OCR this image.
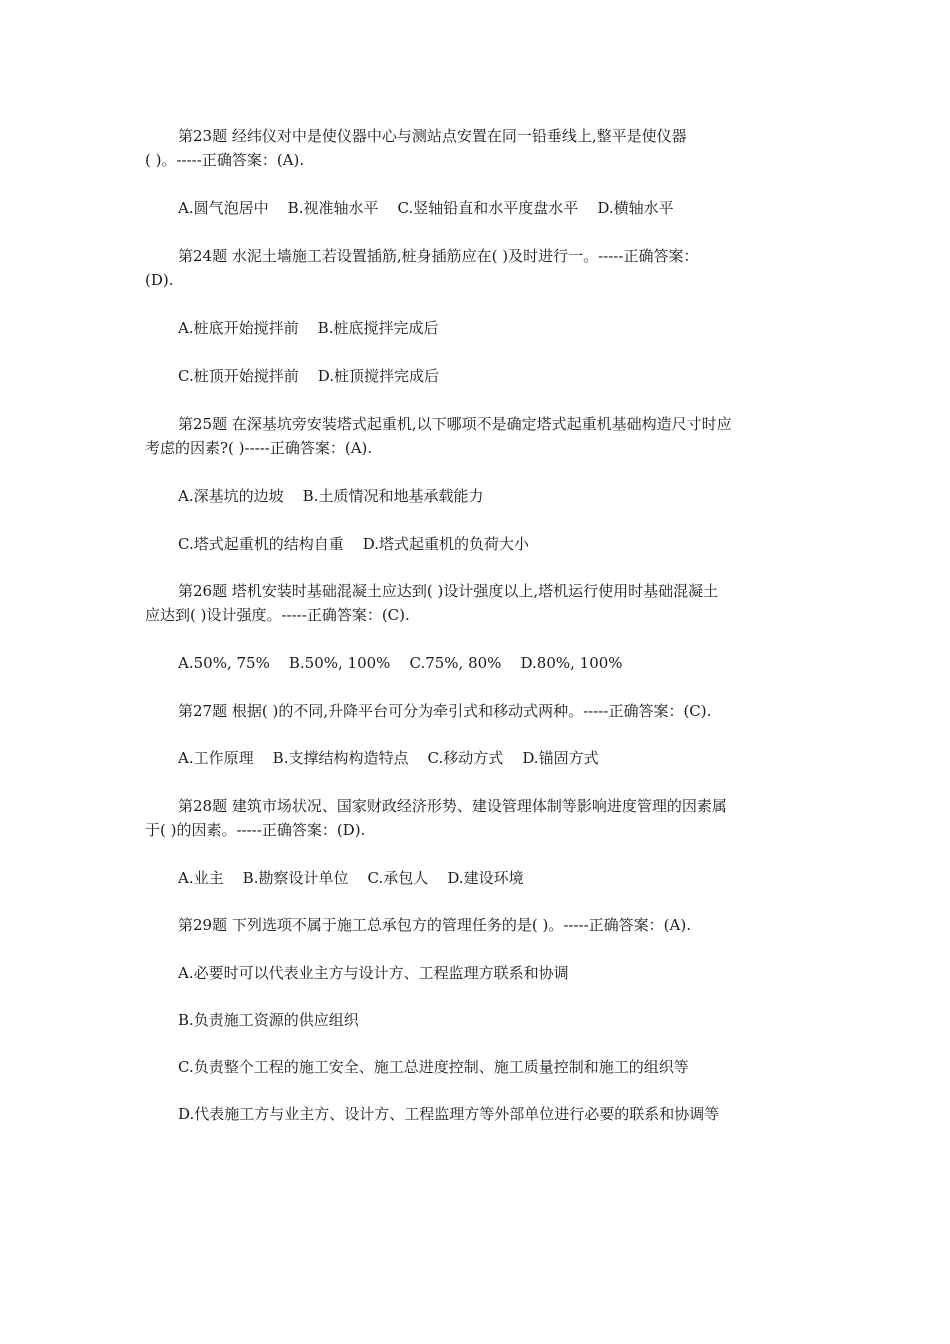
第23题 经纬仪对中是使仪器中心与测站点安置在同一铅垂线上,整平是使仪器
( )。-----正确答案：(A).
A.圆气泡居中    B.视准轴水平    C.竖轴铅直和水平度盘水平    D.横轴水平
第24题 水泥土墙施工若设置插筋,桩身插筋应在( )及时进行一。-----正确答案：
(D).
A.桩底开始搅拌前    B.桩底搅拌完成后
C.桩顶开始搅拌前    D.桩顶搅拌完成后
第25题 在深基坑旁安装塔式起重机,以下哪项不是确定塔式起重机基础构造尺寸时应
考虑的因素?( )-----正确答案：(A).
A.深基坑的边坡    B.土质情况和地基承载能力
C.塔式起重机的结构自重    D.塔式起重机的负荷大小
第26题 塔机安装时基础混凝土应达到( )设计强度以上,塔机运行使用时基础混凝土
应达到( )设计强度。-----正确答案：(C).
A.50%, 75%    B.50%, 100%    C.75%, 80%    D.80%, 100%
第27题 根据( )的不同,升降平台可分为牵引式和移动式两种。-----正确答案：(C).
A.工作原理    B.支撑结构构造特点    C.移动方式    D.锚固方式
第28题 建筑市场状况、国家财政经济形势、建设管理体制等影响进度管理的因素属
于( )的因素。-----正确答案：(D).
A.业主    B.勘察设计单位    C.承包人    D.建设环境
第29题 下列选项不属于施工总承包方的管理任务的是( )。-----正确答案：(A).
A.必要时可以代表业主方与设计方、工程监理方联系和协调
B.负责施工资源的供应组织
C.负责整个工程的施工安全、施工总进度控制、施工质量控制和施工的组织等
D.代表施工方与业主方、设计方、工程监理方等外部单位进行必要的联系和协调等
